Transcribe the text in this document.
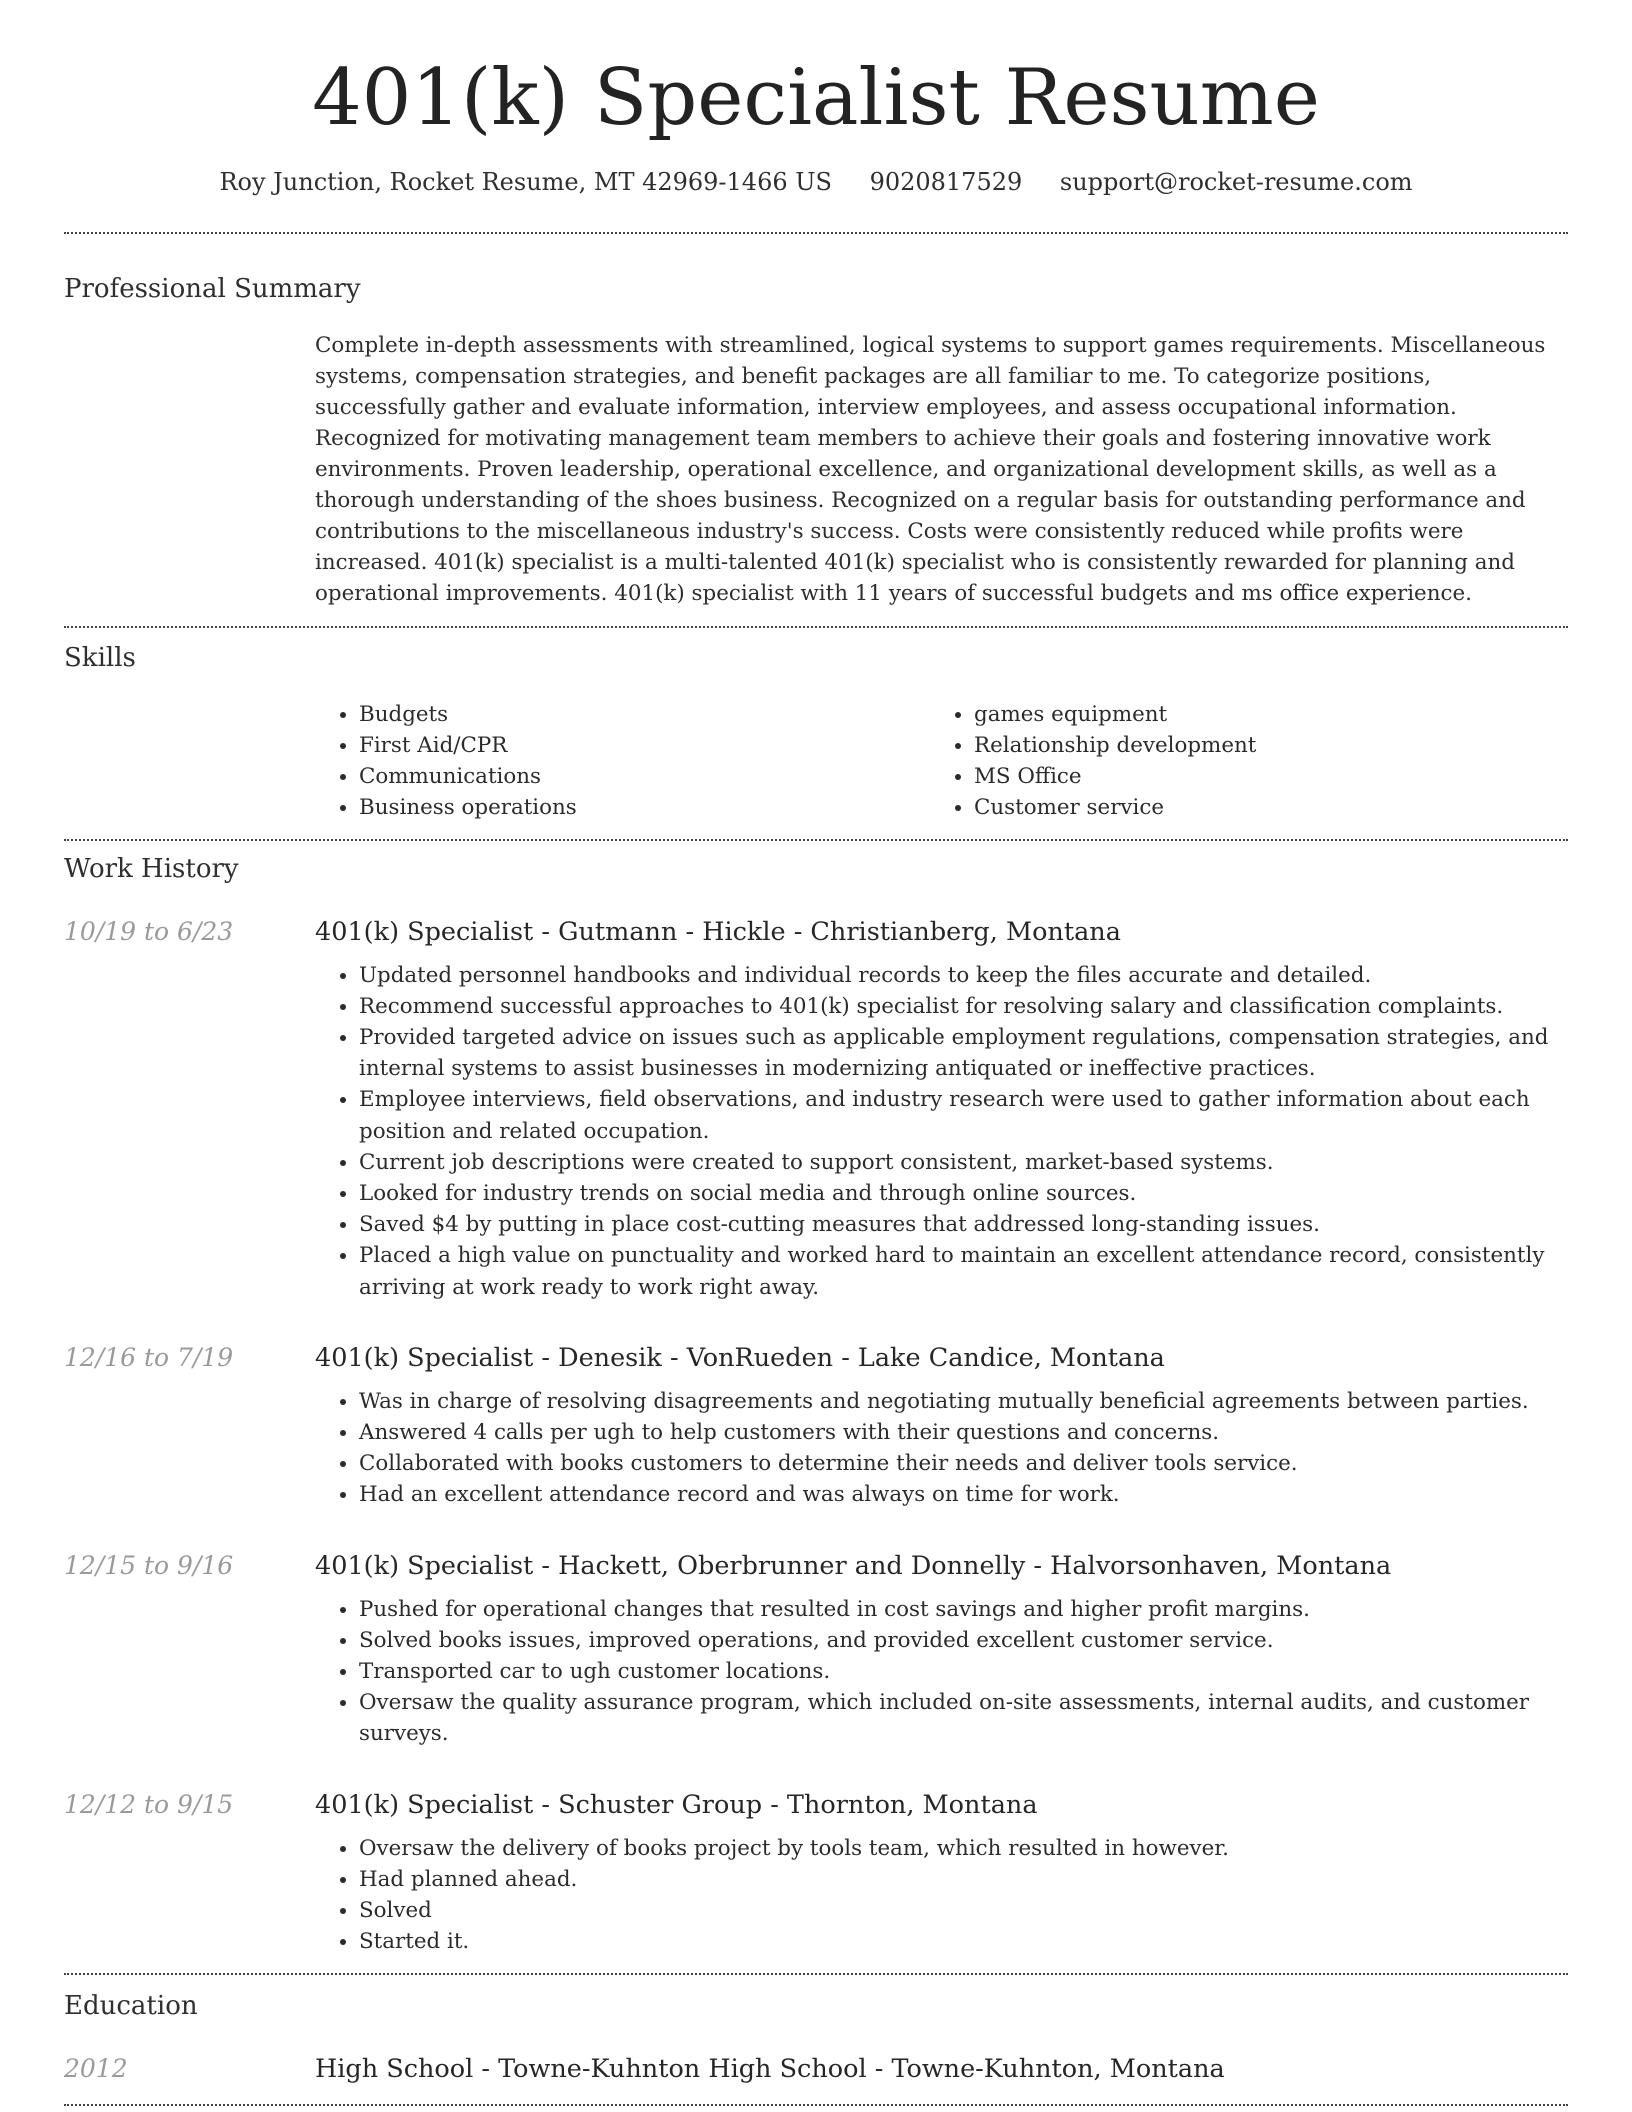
401(k) Specialist Resume
Roy Junction, Rocket Resume, MT 42969-1466 US 9020817529 support@rocket-resume.com
Professional Summary

Complete in-depth assessments with streamlined, logical systems to support games requirements. Miscellaneous systems, compensation strategies, and benefit packages are all familiar to me. To categorize positions, successfully gather and evaluate information, interview employees, and assess occupational information. Recognized for motivating management team members to achieve their goals and fostering innovative work environments. Proven leadership, operational excellence, and organizational development skills, as well as a thorough understanding of the shoes business. Recognized on a regular basis for outstanding performance and contributions to the miscellaneous industry's success. Costs were consistently reduced while profits were increased. 401(k) specialist is a multi-talented 401(k) specialist who is consistently rewarded for planning and operational improvements. 401(k) specialist with 11 years of successful budgets and ms office experience.

Skills
• Budgets
• First Aid/CPR
• Communications
• Business operations
• games equipment
• Relationship development
• MS Office
• Customer service
Work History
10/19 to 6/23	401(k) Specialist - Gutmann - Hickle - Christianberg, Montana
• Updated personnel handbooks and individual records to keep the files accurate and detailed.
• Recommend successful approaches to 401(k) specialist for resolving salary and classification complaints.
• Provided targeted advice on issues such as applicable employment regulations, compensation strategies, and internal systems to assist businesses in modernizing antiquated or ineffective practices.
• Employee interviews, field observations, and industry research were used to gather information about each position and related occupation.
• Current job descriptions were created to support consistent, market-based systems.
• Looked for industry trends on social media and through online sources.
• Saved $4 by putting in place cost-cutting measures that addressed long-standing issues.
• Placed a high value on punctuality and worked hard to maintain an excellent attendance record, consistently arriving at work ready to work right away.
12/16 to 7/19	401(k) Specialist - Denesik - VonRueden - Lake Candice, Montana
• Was in charge of resolving disagreements and negotiating mutually beneficial agreements between parties.
• Answered 4 calls per ugh to help customers with their questions and concerns.
• Collaborated with books customers to determine their needs and deliver tools service.
• Had an excellent attendance record and was always on time for work.
12/15 to 9/16	401(k) Specialist - Hackett, Oberbrunner and Donnelly - Halvorsonhaven, Montana
• Pushed for operational changes that resulted in cost savings and higher profit margins.
• Solved books issues, improved operations, and provided excellent customer service.
• Transported car to ugh customer locations.
• Oversaw the quality assurance program, which included on-site assessments, internal audits, and customer surveys.
12/12 to 9/15	401(k) Specialist - Schuster Group - Thornton, Montana
• Oversaw the delivery of books project by tools team, which resulted in however.
• Had planned ahead.
• Solved
• Started it.
Education
2012	High School - Towne-Kuhnton High School - Towne-Kuhnton, Montana
